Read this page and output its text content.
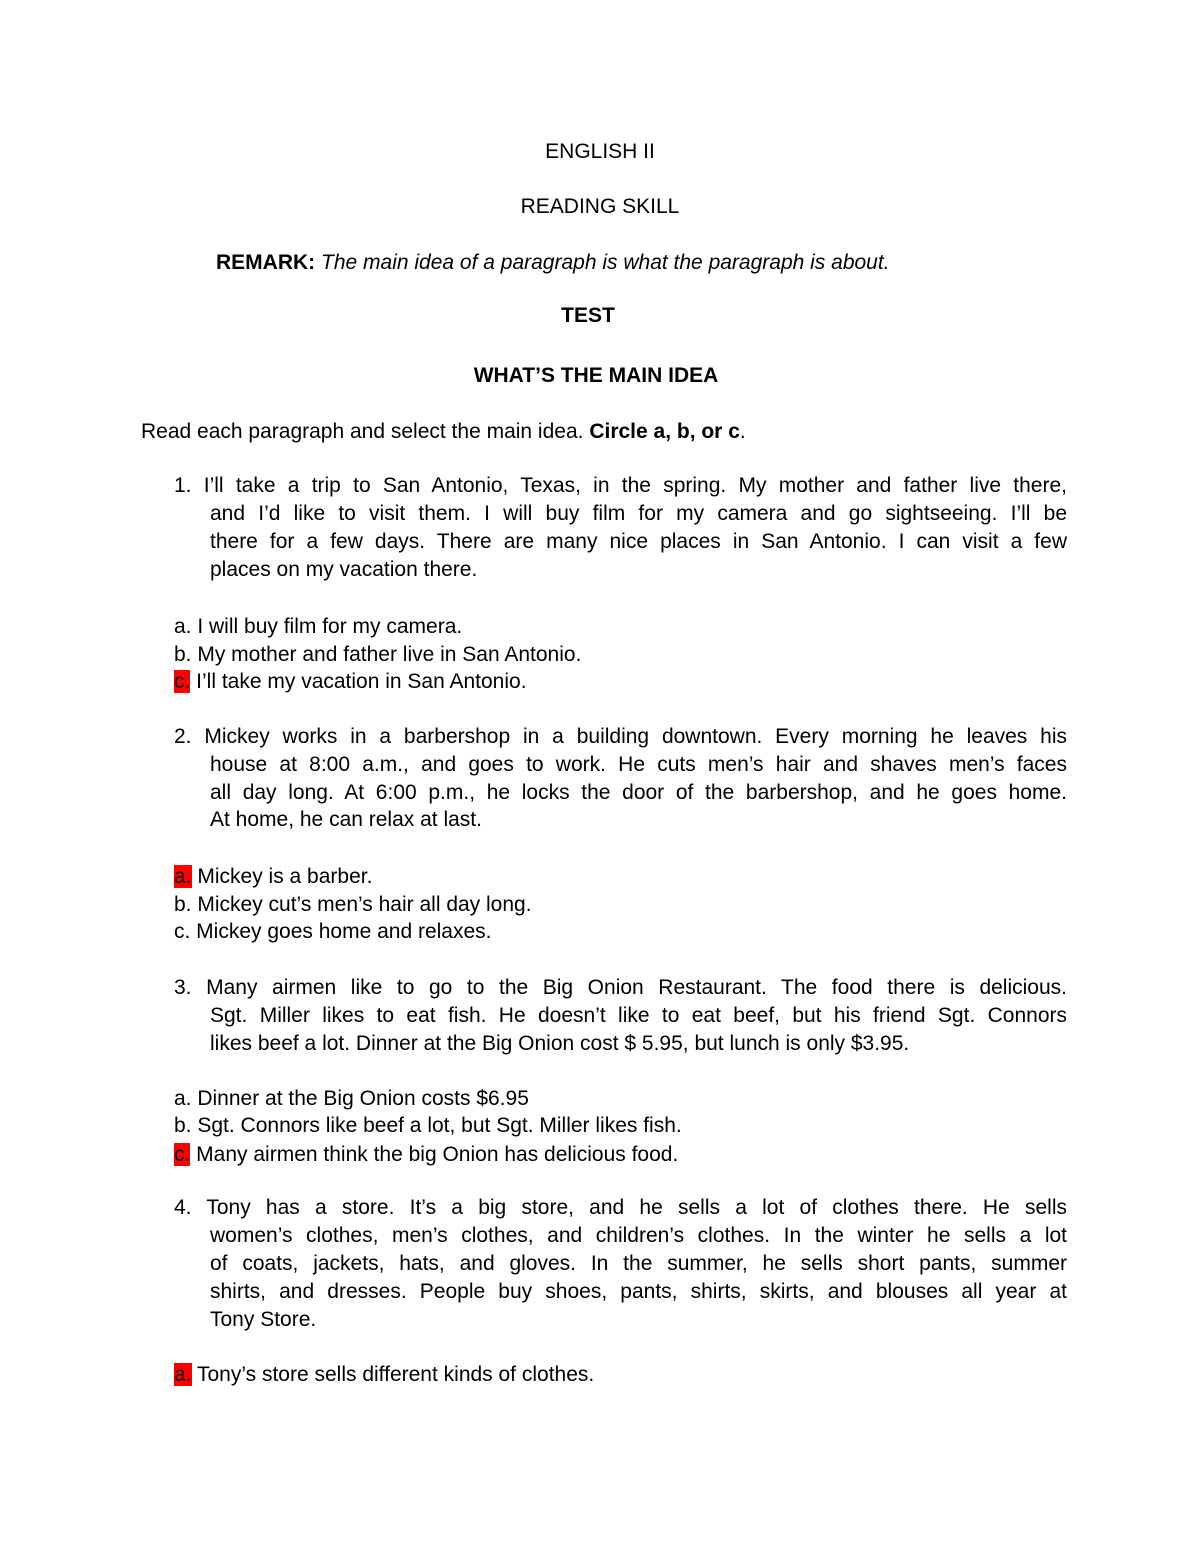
ENGLISH II

READING SKILL

REMARK: The main idea of a paragraph is what the paragraph is about.

TEST

WHAT’S THE MAIN IDEA

Read each paragraph and select the main idea. Circle a, b, or c.

1. I’ll take a trip to San Antonio, Texas, in the spring. My mother and father live there,

and I’d like to visit them. I will buy film for my camera and go sightseeing. I’ll be

there for a few days. There are many nice places in San Antonio. I can visit a few

places on my vacation there.

a. I will buy film for my camera.

b. My mother and father live in San Antonio.

c. I’ll take my vacation in San Antonio.

2. Mickey works in a barbershop in a building downtown. Every morning he leaves his

house at 8:00 a.m., and goes to work. He cuts men’s hair and shaves men’s faces

all day long. At 6:00 p.m., he locks the door of the barbershop, and he goes home.

At home, he can relax at last.

a. Mickey is a barber.

b. Mickey cut’s men’s hair all day long.

c. Mickey goes home and relaxes.

3. Many airmen like to go to the Big Onion Restaurant. The food there is delicious.

Sgt. Miller likes to eat fish. He doesn’t like to eat beef, but his friend Sgt. Connors

likes beef a lot. Dinner at the Big Onion cost $ 5.95, but lunch is only $3.95.

a. Dinner at the Big Onion costs $6.95

b. Sgt. Connors like beef a lot, but Sgt. Miller likes fish.

c. Many airmen think the big Onion has delicious food.

4. Tony has a store. It’s a big store, and he sells a lot of clothes there. He sells

women’s clothes, men’s clothes, and children’s clothes. In the winter he sells a lot

of coats, jackets, hats, and gloves. In the summer, he sells short pants, summer

shirts, and dresses. People buy shoes, pants, shirts, skirts, and blouses all year at

Tony Store.

a. Tony’s store sells different kinds of clothes.
